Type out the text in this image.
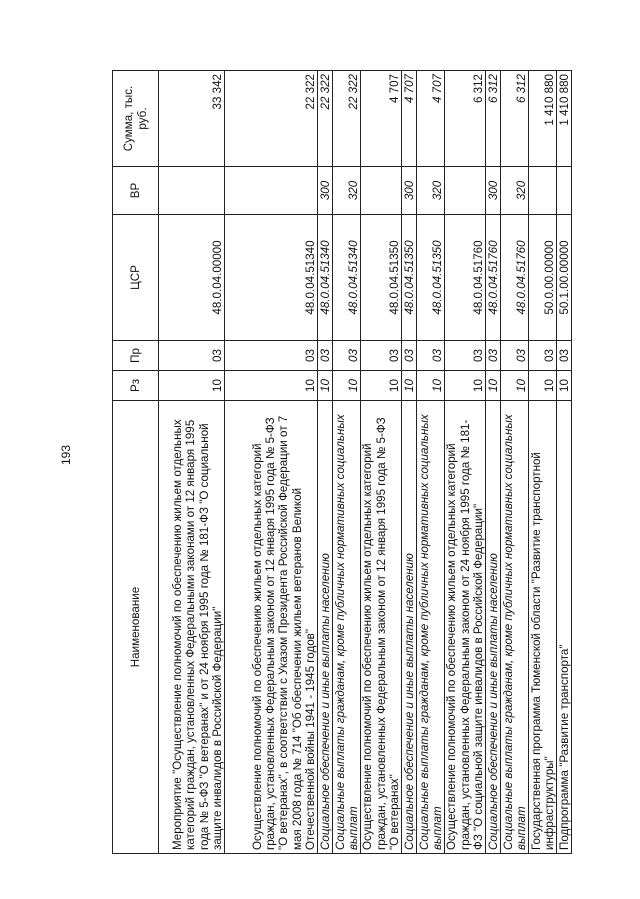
193
Наименование	Рз	Пр	ЦСР	ВР	Сумма, тыс. руб.
Мероприятие "Осуществление полномочий по обеспечению жильем отдельных категорий граждан, установленных Федеральными законами от 12 января 1995 года № 5-ФЗ "О ветеранах" и от 24 ноября 1995 года № 181-ФЗ "О социальной защите инвалидов в Российской Федерации"	10	03	48.0.04.00000		33 342
Осуществление полномочий по обеспечению жильем отдельных категорий граждан, установленных Федеральным законом от 12 января 1995 года № 5-ФЗ "О ветеранах", в соответствии с Указом Президента Российской Федерации от 7 мая 2008 года № 714 "Об обеспечении жильем ветеранов Великой Отечественной войны 1941 - 1945 годов"	10	03	48.0.04.51340		22 322
Социальное обеспечение и иные выплаты населению	10	03	48.0.04.51340	300	22 322
Социальные выплаты гражданам, кроме публичных нормативных социальных выплат	10	03	48.0.04.51340	320	22 322
Осуществление полномочий по обеспечению жильем отдельных категорий граждан, установленных Федеральным законом от 12 января 1995 года № 5-ФЗ "О ветеранах"	10	03	48.0.04.51350		4 707
Социальное обеспечение и иные выплаты населению	10	03	48.0.04.51350	300	4 707
Социальные выплаты гражданам, кроме публичных нормативных социальных выплат	10	03	48.0.04.51350	320	4 707
Осуществление полномочий по обеспечению жильем отдельных категорий граждан, установленных Федеральным законом от 24 ноября 1995 года № 181-ФЗ "О социальной защите инвалидов в Российской Федерации"	10	03	48.0.04.51760		6 312
Социальное обеспечение и иные выплаты населению	10	03	48.0.04.51760	300	6 312
Социальные выплаты гражданам, кроме публичных нормативных социальных выплат	10	03	48.0.04.51760	320	6 312
Государственная программа Тюменской области "Развитие транспортной инфраструктуры"	10	03	50.0.00.00000		1 410 880
Подпрограмма "Развитие транспорта"	10	03	50.1.00.00000		1 410 880
